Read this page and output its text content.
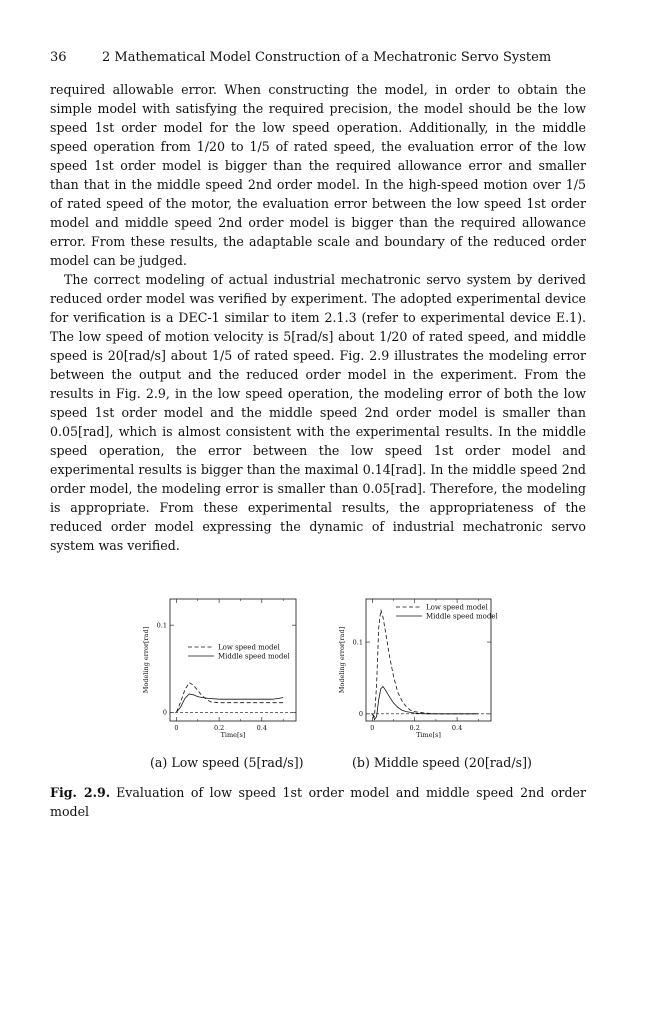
36	2 Mathematical Model Construction of a Mechatronic Servo System

required allowable error. When constructing the model, in order to obtain the simple model with satisfying the required precision, the model should be the low speed 1st order model for the low speed operation. Additionally, in the middle speed operation from 1/20 to 1/5 of rated speed, the evaluation error of the low speed 1st order model is bigger than the required allowance error and smaller than that in the middle speed 2nd order model. In the high-speed motion over 1/5 of rated speed of the motor, the evaluation error between the low speed 1st order model and middle speed 2nd order model is bigger than the required allowance error. From these results, the adaptable scale and boundary of the reduced order model can be judged.

The correct modeling of actual industrial mechatronic servo system by derived reduced order model was verified by experiment. The adopted experimental device for verification is a DEC-1 similar to item 2.1.3 (refer to experimental device E.1). The low speed of motion velocity is 5[rad/s] about 1/20 of rated speed, and middle speed is 20[rad/s] about 1/5 of rated speed. Fig. 2.9 illustrates the modeling error between the output and the reduced order model in the experiment. From the results in Fig. 2.9, in the low speed operation, the modeling error of both the low speed 1st order model and the middle speed 2nd order model is smaller than 0.05[rad], which is almost consistent with the experimental results. In the middle speed operation, the error between the low speed 1st order model and experimental results is bigger than the maximal 0.14[rad]. In the middle speed 2nd order model, the modeling error is smaller than 0.05[rad]. Therefore, the modeling is appropriate. From these experimental results, the appropriateness of the reduced order model expressing the dynamic of industrial mechatronic servo system was verified.

0	0.2	0.4
0
0.1
Time[s]
Modeling error[rad]	Low speed model
Middle speed model
0	0.2	0.4
0
0.1
Time[s]
Modeling error[rad]
Low speed model
Middle speed model
(a) Low speed (5[rad/s])	(b) Middle speed (20[rad/s])
Fig. 2.9. Evaluation of low speed 1st order model and middle speed 2nd order model
